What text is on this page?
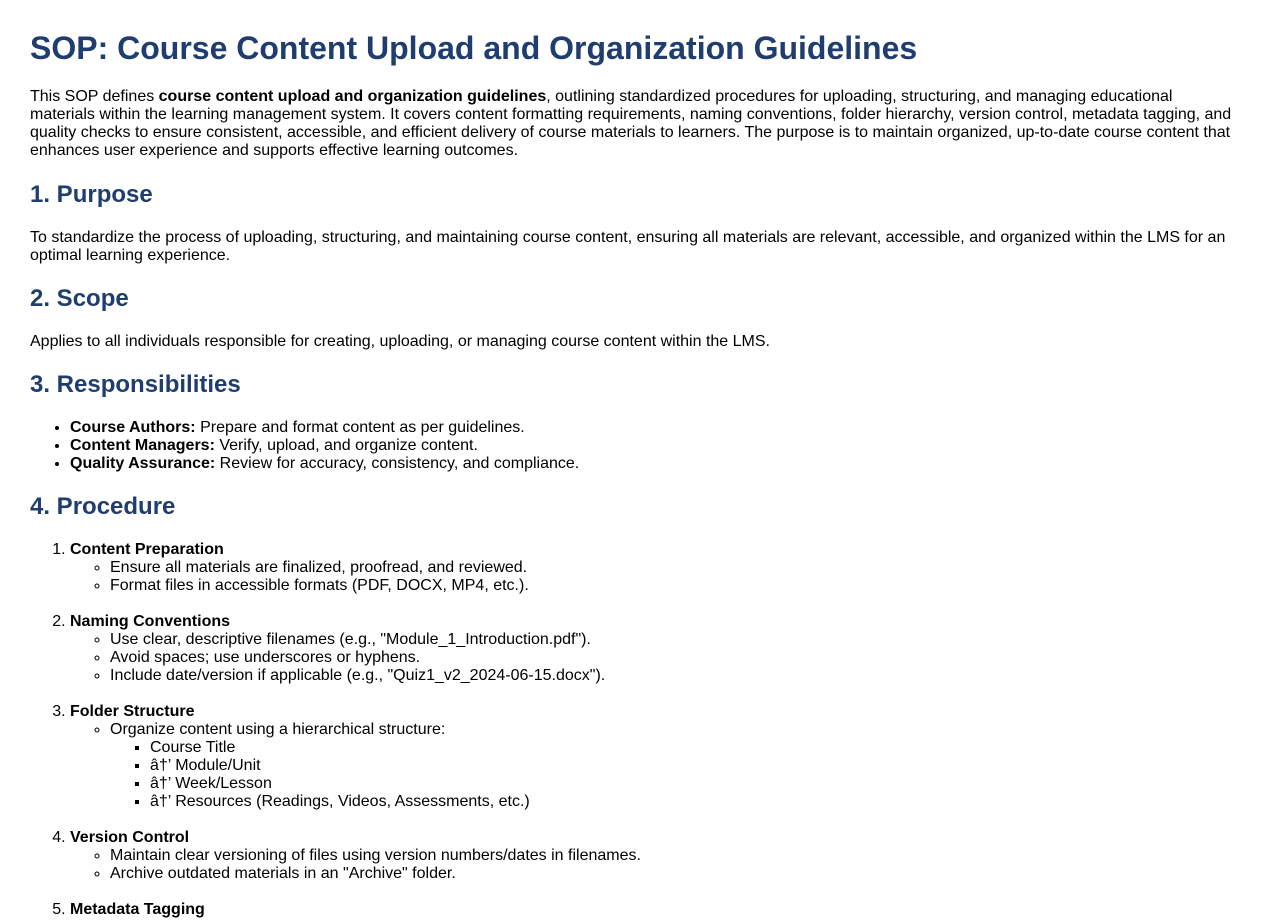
SOP: Course Content Upload and Organization Guidelines

This SOP defines course content upload and organization guidelines, outlining standardized procedures for uploading, structuring, and managing educational materials within the learning management system. It covers content formatting requirements, naming conventions, folder hierarchy, version control, metadata tagging, and quality checks to ensure consistent, accessible, and efficient delivery of course materials to learners. The purpose is to maintain organized, up-to-date course content that enhances user experience and supports effective learning outcomes.

1. Purpose

To standardize the process of uploading, structuring, and maintaining course content, ensuring all materials are relevant, accessible, and organized within the LMS for an optimal learning experience.

2. Scope

Applies to all individuals responsible for creating, uploading, or managing course content within the LMS.

3. Responsibilities
• Course Authors: Prepare and format content as per guidelines.
• Content Managers: Verify, upload, and organize content.
• Quality Assurance: Review for accuracy, consistency, and compliance.
4. Procedure
1. Content Preparation
◦ Ensure all materials are finalized, proofread, and reviewed.
◦ Format files in accessible formats (PDF, DOCX, MP4, etc.).
2. Naming Conventions
◦ Use clear, descriptive filenames (e.g., "Module_1_Introduction.pdf").
◦ Avoid spaces; use underscores or hyphens.
◦ Include date/version if applicable (e.g., "Quiz1_v2_2024-06-15.docx").
3. Folder Structure
◦ Organize content using a hierarchical structure:
▪ Course Title
▪ â†’ Module/Unit
▪ â†’ Week/Lesson
▪ â†’ Resources (Readings, Videos, Assessments, etc.)
4. Version Control
◦ Maintain clear versioning of files using version numbers/dates in filenames.
◦ Archive outdated materials in an "Archive" folder.
5. Metadata Tagging
